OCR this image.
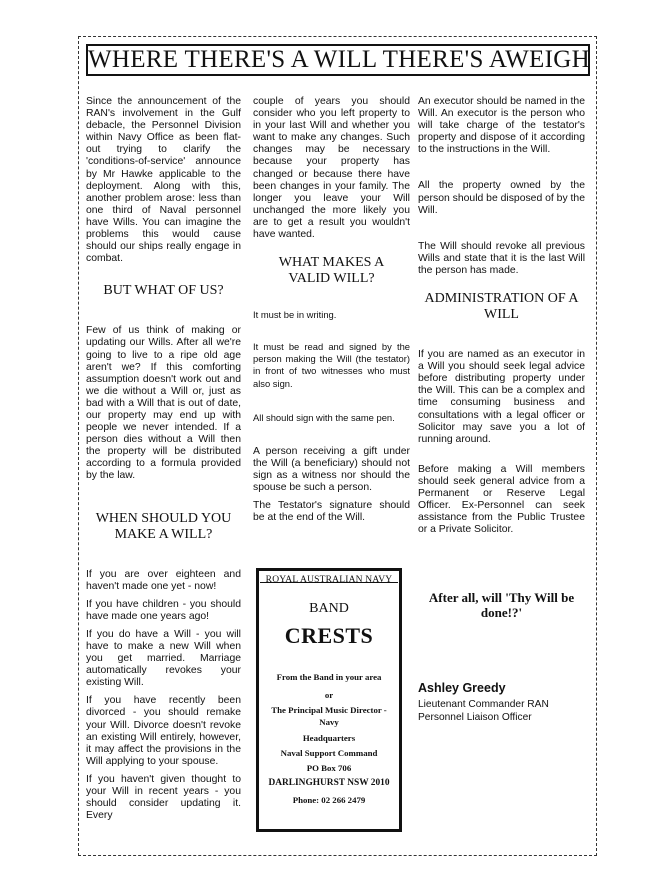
WHERE THERE'S A WILL THERE'S AWEIGH

Since the announcement of the RAN's involvement in the Gulf debacle, the Personnel Division within Navy Office as been flat-out trying to clarify the 'conditions-of-service' announce by Mr Hawke applicable to the deployment. Along with this, another problem arose: less than one third of Naval personnel have Wills. You can imagine the problems this would cause should our ships really engage in combat.

BUT WHAT OF US?

Few of us think of making or updating our Wills. After all we're going to live to a ripe old age aren't we? If this comforting assumption doesn't work out and we die without a Will or, just as bad with a Will that is out of date, our property may end up with people we never intended. If a person dies without a Will then the property will be distributed according to a formula provided by the law.

WHEN SHOULD YOU MAKE A WILL?

If you are over eighteen and haven't made one yet - now!

If you have children - you should have made one years ago!

If you do have a Will - you will have to make a new Will when you get married. Marriage automatically revokes your existing Will.

If you have recently been divorced - you should remake your Will. Divorce doesn't revoke an existing Will entirely, however, it may affect the provisions in the Will applying to your spouse.

If you haven't given thought to your Will in recent years - you should consider updating it. Every

couple of years you should consider who you left property to in your last Will and whether you want to make any changes. Such changes may be necessary because your property has changed or because there have been changes in your family. The longer you leave your Will unchanged the more likely you are to get a result you wouldn't have wanted.

WHAT MAKES A VALID WILL?

It must be in writing.

It must be read and signed by the person making the Will (the testator) in front of two witnesses who must also sign.

All should sign with the same pen.

A person receiving a gift under the Will (a beneficiary) should not sign as a witness nor should the spouse be such a person.

The Testator's signature should be at the end of the Will.

An executor should be named in the Will. An executor is the person who will take charge of the testator's property and dispose of it according to the instructions in the Will.

All the property owned by the person should be disposed of by the Will.

The Will should revoke all previous Wills and state that it is the last Will the person has made.

ADMINISTRATION OF A WILL

If you are named as an executor in a Will you should seek legal advice before distributing property under the Will. This can be a complex and time consuming business and consultations with a legal officer or Solicitor may save you a lot of running around.

Before making a Will members should seek general advice from a Permanent or Reserve Legal Officer. Ex-Personnel can seek assistance from the Public Trustee or a Private Solicitor.

ROYAL AUSTRALIAN NAVY
BAND
CRESTS
From the Band in your area
or
The Principal Music Director - Navy
Headquarters
Naval Support Command
PO Box 706
DARLINGHURST NSW 2010
Phone: 02 266 2479
After all, will 'Thy Will be done!?'
Ashley Greedy
Lieutenant Commander RAN
Personnel Liaison Officer
